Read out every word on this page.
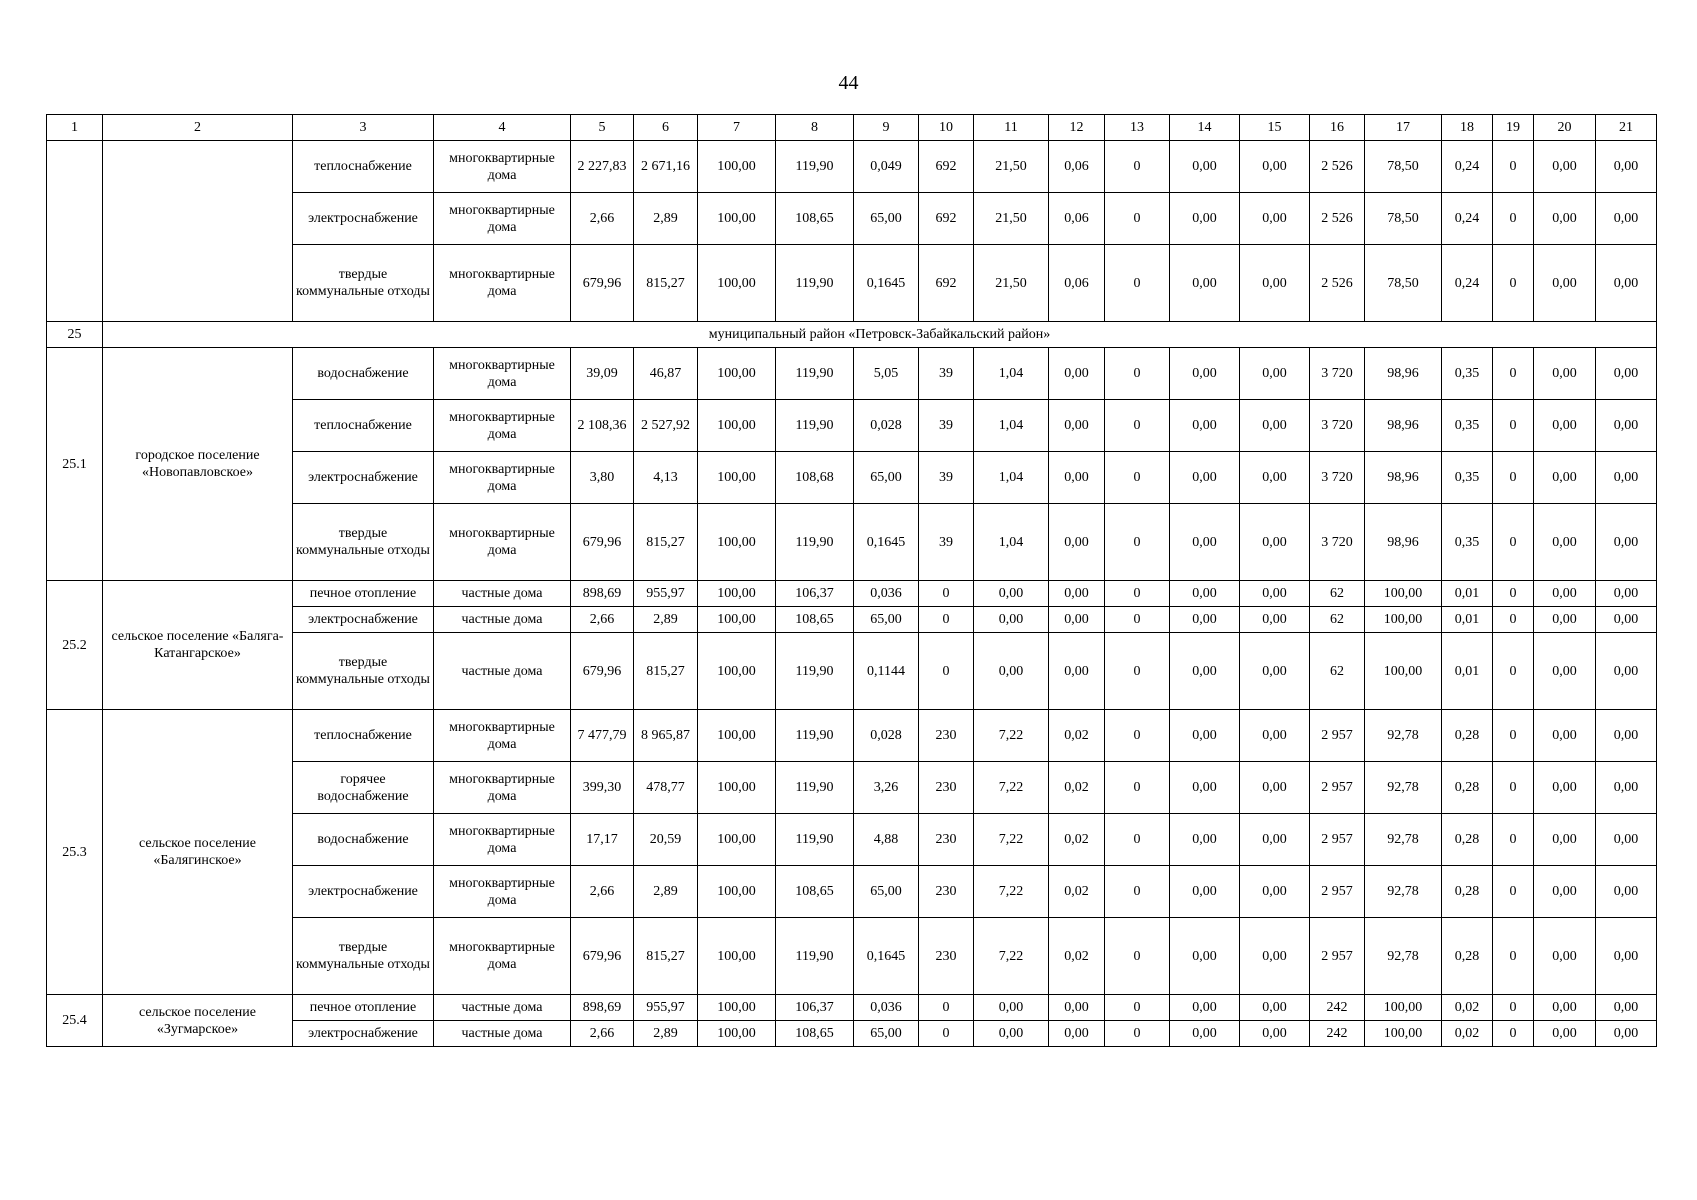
44
1	2	3	4	5	6	7	8	9	10	11	12	13	14	15	16	17	18	19	20	21
		теплоснабжение	многоквартирные дома	2 227,83	2 671,16	100,00	119,90	0,049	692	21,50	0,06	0	0,00	0,00	2 526	78,50	0,24	0	0,00	0,00
		электроснабжение	многоквартирные дома	2,66	2,89	100,00	108,65	65,00	692	21,50	0,06	0	0,00	0,00	2 526	78,50	0,24	0	0,00	0,00
		твердые коммунальные отходы	многоквартирные дома	679,96	815,27	100,00	119,90	0,1645	692	21,50	0,06	0	0,00	0,00	2 526	78,50	0,24	0	0,00	0,00
25	муниципальный район «Петровск-Забайкальский район»																			
25.1	городское поселение «Новопавловское»	водоснабжение	многоквартирные дома	39,09	46,87	100,00	119,90	5,05	39	1,04	0,00	0	0,00	0,00	3 720	98,96	0,35	0	0,00	0,00
		теплоснабжение	многоквартирные дома	2 108,36	2 527,92	100,00	119,90	0,028	39	1,04	0,00	0	0,00	0,00	3 720	98,96	0,35	0	0,00	0,00
		электроснабжение	многоквартирные дома	3,80	4,13	100,00	108,68	65,00	39	1,04	0,00	0	0,00	0,00	3 720	98,96	0,35	0	0,00	0,00
		твердые коммунальные отходы	многоквартирные дома	679,96	815,27	100,00	119,90	0,1645	39	1,04	0,00	0	0,00	0,00	3 720	98,96	0,35	0	0,00	0,00
25.2	сельское поселение «Баляга-Катангарское»	печное отопление	частные дома	898,69	955,97	100,00	106,37	0,036	0	0,00	0,00	0	0,00	0,00	62	100,00	0,01	0	0,00	0,00
		электроснабжение	частные дома	2,66	2,89	100,00	108,65	65,00	0	0,00	0,00	0	0,00	0,00	62	100,00	0,01	0	0,00	0,00
		твердые коммунальные отходы	частные дома	679,96	815,27	100,00	119,90	0,1144	0	0,00	0,00	0	0,00	0,00	62	100,00	0,01	0	0,00	0,00
25.3	сельское поселение «Балягинское»	теплоснабжение	многоквартирные дома	7 477,79	8 965,87	100,00	119,90	0,028	230	7,22	0,02	0	0,00	0,00	2 957	92,78	0,28	0	0,00	0,00
		горячее водоснабжение	многоквартирные дома	399,30	478,77	100,00	119,90	3,26	230	7,22	0,02	0	0,00	0,00	2 957	92,78	0,28	0	0,00	0,00
		водоснабжение	многоквартирные дома	17,17	20,59	100,00	119,90	4,88	230	7,22	0,02	0	0,00	0,00	2 957	92,78	0,28	0	0,00	0,00
		электроснабжение	многоквартирные дома	2,66	2,89	100,00	108,65	65,00	230	7,22	0,02	0	0,00	0,00	2 957	92,78	0,28	0	0,00	0,00
		твердые коммунальные отходы	многоквартирные дома	679,96	815,27	100,00	119,90	0,1645	230	7,22	0,02	0	0,00	0,00	2 957	92,78	0,28	0	0,00	0,00
25.4	сельское поселение «Зугмарское»	печное отопление	частные дома	898,69	955,97	100,00	106,37	0,036	0	0,00	0,00	0	0,00	0,00	242	100,00	0,02	0	0,00	0,00
		электроснабжение	частные дома	2,66	2,89	100,00	108,65	65,00	0	0,00	0,00	0	0,00	0,00	242	100,00	0,02	0	0,00	0,00
